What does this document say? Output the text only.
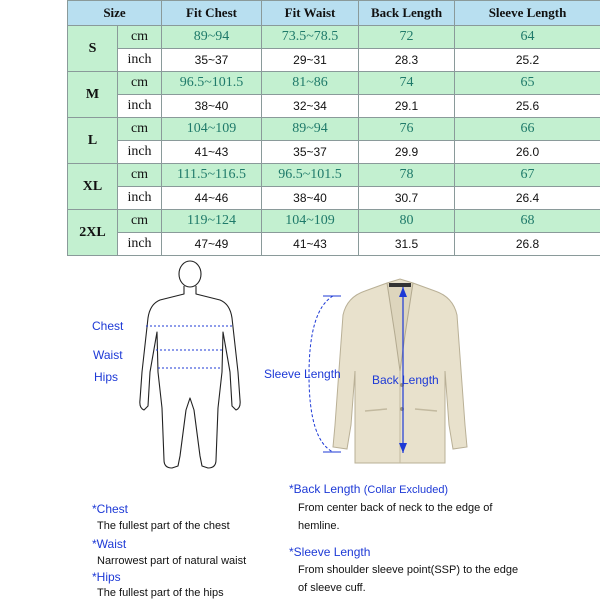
Size		Fit Chest	Fit Waist	Back Length	Sleeve Length
S	cm	89~94	73.5~78.5	72	64
	inch	35~37	29~31	28.3	25.2
M	cm	96.5~101.5	81~86	74	65
	inch	38~40	32~34	29.1	25.6
L	cm	104~109	89~94	76	66
	inch	41~43	35~37	29.9	26.0
XL	cm	111.5~116.5	96.5~101.5	78	67
	inch	44~46	38~40	30.7	26.4
2XL	cm	119~124	104~109	80	68
	inch	47~49	41~43	31.5	26.8
Chest
Waist
Hips	Sleeve Length	Back Length
*Chest
The fullest part of the chest
*Waist
Narrowest part of natural waist
*Hips
The fullest part of the hips
*Back Length (Collar Excluded)
From center back of neck to the edge of
hemline.
*Sleeve Length
From shoulder sleeve point(SSP) to the edge
of sleeve cuff.
